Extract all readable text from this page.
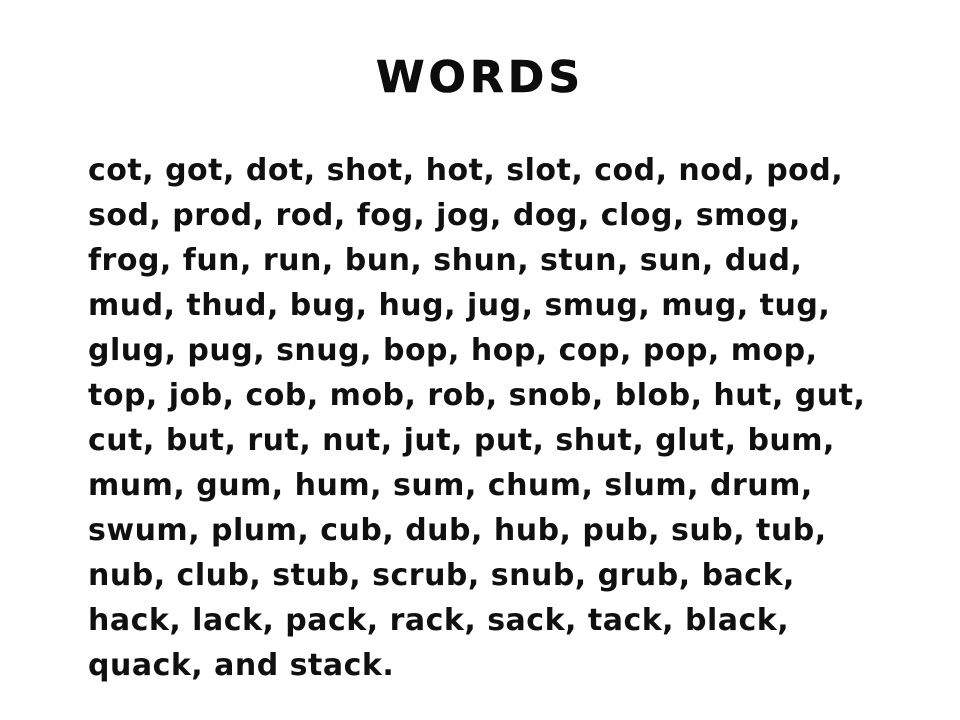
WORDS
cot, got, dot, shot, hot, slot, cod, nod, pod,
sod, prod, rod, fog, jog, dog, clog, smog,
frog, fun, run, bun, shun, stun, sun, dud,
mud, thud, bug, hug, jug, smug, mug, tug,
glug, pug, snug, bop, hop, cop, pop, mop,
top, job, cob, mob, rob, snob, blob, hut, gut,
cut, but, rut, nut, jut, put, shut, glut, bum,
mum, gum, hum, sum, chum, slum, drum,
swum, plum, cub, dub, hub, pub, sub, tub,
nub, club, stub, scrub, snub, grub, back,
hack, lack, pack, rack, sack, tack, black,
quack, and stack.
